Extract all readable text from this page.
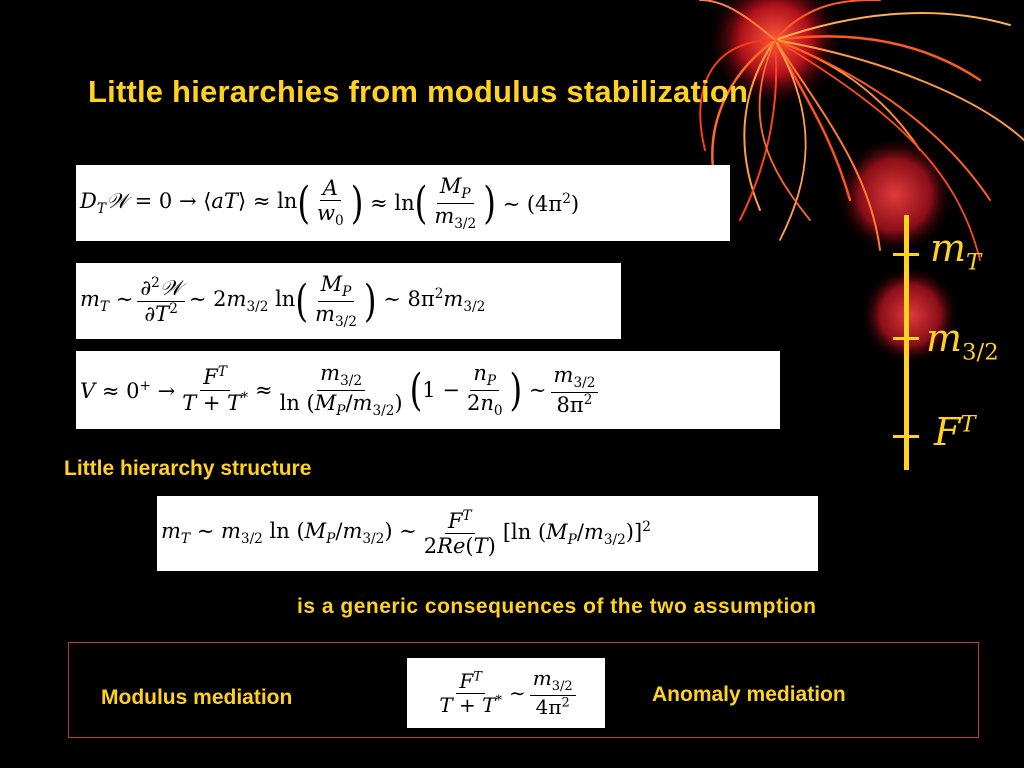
Little hierarchies from modulus stabilization
$D_T𝒲 = 0$ → ⟨aT⟩ ≈ ln ( $\frac{A}{w_0}$ ) ≈ ln ( $\frac{M_P}{m_{3/2}}$ ) ∼ $(4\pi^2)$
$m_T$ ∼ $\frac{\partial^2𝒲}{\partial T^2}$ ∼ $2m_{3/2}$ ln ( $\frac{M_P}{m_{3/2}}$ ) ∼ $8\pi^2m_{3/2}$
$V \approx 0^+ \to \frac{F^T}{T + T^*} \approx \frac{m_{3/2}}{\ln (M_P/m_{3/2})}$ ( $1 - \frac{n_P}{2n_0}$ ) ∼ $\frac{m_{3/2}}{8\pi^2}$
Little hierarchy structure
$m_T$ ∼ $m_{3/2}$ $\ln (M_P/m_{3/2})$ ∼ $\frac{F^T}{2Re(T)} [\ln$ $(M_P/m_{3/2})]^2$
is a generic consequences of the two assumption
Modulus mediation	$\frac{F^T}{T + T^*}$ ∼ $\frac{m_{3/2}}{4\pi^2}$	Anomaly mediation
$m_T$
$m_{3/2}$
$F^T$
